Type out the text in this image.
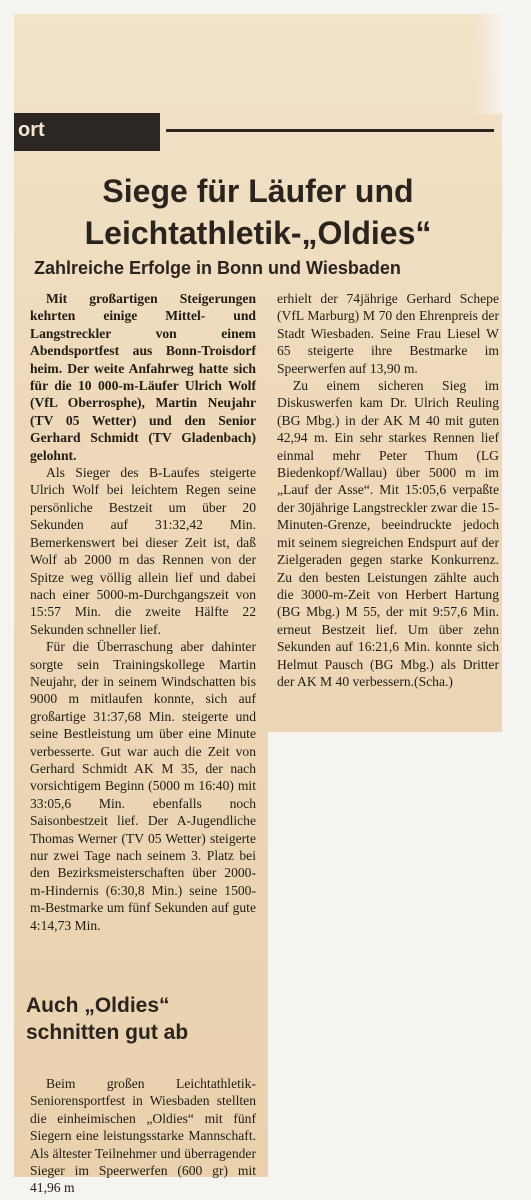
ort
Siege für Läufer und
Leichtathletik-„Oldies“
Zahlreiche Erfolge in Bonn und Wiesbaden

Mit großartigen Steigerungen kehrten einige Mittel- und Langstreckler von einem Abendsportfest aus Bonn-Troisdorf heim. Der weite Anfahrweg hatte sich für die 10 000-m-Läufer Ulrich Wolf (VfL Oberrosphe), Martin Neujahr (TV 05 Wetter) und den Senior Gerhard Schmidt (TV Gladenbach) gelohnt.

Als Sieger des B-Laufes steigerte Ulrich Wolf bei leichtem Regen seine persönliche Bestzeit um über 20 Sekunden auf 31:32,42 Min. Bemerkenswert bei dieser Zeit ist, daß Wolf ab 2000 m das Rennen von der Spitze weg völlig allein lief und dabei nach einer 5000-m-Durchgangszeit von 15:57 Min. die zweite Hälfte 22 Sekunden schneller lief.

Für die Überraschung aber dahinter sorgte sein Trainingskollege Martin Neujahr, der in seinem Windschatten bis 9000 m mitlaufen konnte, sich auf großartige 31:37,68 Min. steigerte und seine Bestleistung um über eine Minute verbesserte. Gut war auch die Zeit von Gerhard Schmidt AK M 35, der nach vorsichtigem Beginn (5000 m 16:40) mit 33:05,6 Min. ebenfalls noch Saisonbestzeit lief. Der A-Jugendliche Thomas Werner (TV 05 Wetter) steigerte nur zwei Tage nach seinem 3. Platz bei den Bezirksmeisterschaften über 2000-m-Hindernis (6:30,8 Min.) seine 1500-m-Bestmarke um fünf Sekunden auf gute 4:14,73 Min.

erhielt der 74jährige Gerhard Schepe (VfL Marburg) M 70 den Ehrenpreis der Stadt Wiesbaden. Seine Frau Liesel W 65 steigerte ihre Bestmarke im Speerwerfen auf 13,90 m.

Zu einem sicheren Sieg im Diskuswerfen kam Dr. Ulrich Reuling (BG Mbg.) in der AK M 40 mit guten 42,94 m. Ein sehr starkes Rennen lief einmal mehr Peter Thum (LG Biedenkopf/Wallau) über 5000 m im „Lauf der Asse“. Mit 15:05,6 verpaßte der 30jährige Langstreckler zwar die 15-Minuten-Grenze, beeindruckte jedoch mit seinem siegreichen Endspurt auf der Zielgeraden gegen starke Konkurrenz. Zu den besten Leistungen zählte auch die 3000-m-Zeit von Herbert Hartung (BG Mbg.) M 55, der mit 9:57,6 Min. erneut Bestzeit lief. Um über zehn Sekunden auf 16:21,6 Min. konnte sich Helmut Pausch (BG Mbg.) als Dritter der AK M 40 verbessern.(Scha.)

Auch „Oldies“ schnitten gut ab

Beim großen Leichtathletik-Seniorensportfest in Wiesbaden stellten die einheimischen „Oldies“ mit fünf Siegern eine leistungsstarke Mannschaft. Als ältester Teilnehmer und überragender Sieger im Speerwerfen (600 gr) mit 41,96 m
